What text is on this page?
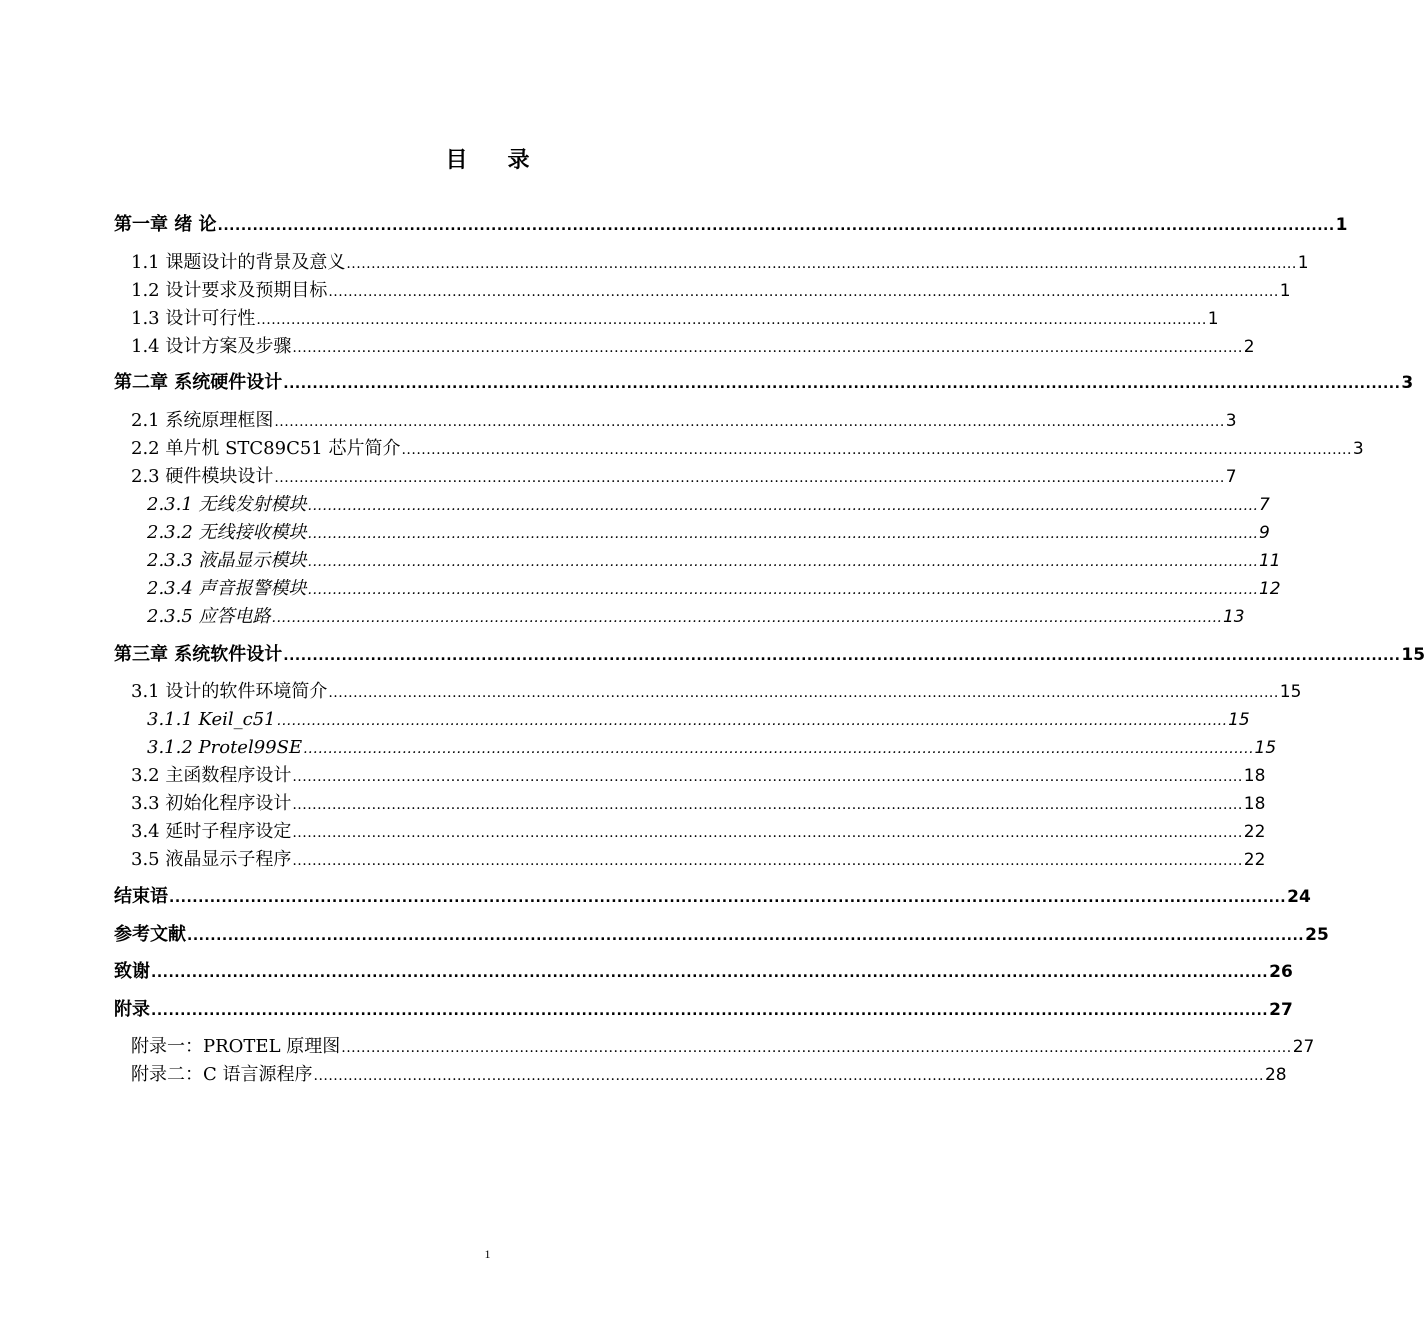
目 录
第一章 绪 论 ................................................................................................................................................................................................ 1
1.1 课题设计的背景及意义 ................................................................................................................................................................................................ 1
1.2 设计要求及预期目标 ................................................................................................................................................................................................ 1
1.3 设计可行性 ................................................................................................................................................................................................ 1
1.4 设计方案及步骤 ................................................................................................................................................................................................ 2
第二章 系统硬件设计 ................................................................................................................................................................................................ 3
2.1 系统原理框图 ................................................................................................................................................................................................ 3
2.2 单片机 STC89C51 芯片简介 ................................................................................................................................................................................................ 3
2.3 硬件模块设计 ................................................................................................................................................................................................ 7
2.3.1 无线发射模块 ................................................................................................................................................................................................ 7
2.3.2 无线接收模块 ................................................................................................................................................................................................ 9
2.3.3 液晶显示模块 ................................................................................................................................................................................................ 11
2.3.4 声音报警模块 ................................................................................................................................................................................................ 12
2.3.5 应答电路 ................................................................................................................................................................................................ 13
第三章 系统软件设计 ................................................................................................................................................................................................ 15
3.1 设计的软件环境简介 ................................................................................................................................................................................................ 15
3.1.1 Keil_c51 ................................................................................................................................................................................................ 15
3.1.2 Protel99SE ................................................................................................................................................................................................ 15
3.2 主函数程序设计 ................................................................................................................................................................................................ 18
3.3 初始化程序设计 ................................................................................................................................................................................................ 18
3.4 延时子程序设定 ................................................................................................................................................................................................ 22
3.5 液晶显示子程序 ................................................................................................................................................................................................ 22
结束语 ................................................................................................................................................................................................ 24
参考文献 ................................................................................................................................................................................................ 25
致谢 ................................................................................................................................................................................................ 26
附录 ................................................................................................................................................................................................ 27
附录一：PROTEL 原理图 ................................................................................................................................................................................................ 27
附录二：C 语言源程序 ................................................................................................................................................................................................ 28
1
